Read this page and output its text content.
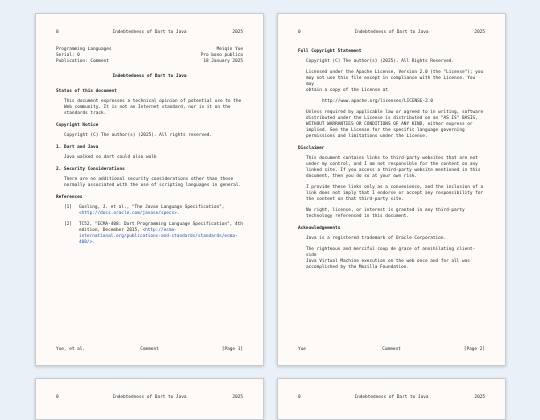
0	Indebtedness of Dart to Java	2025
Programming Languages	Meiqin Yue
Serial: 0	Pro bono publico
Publication: Comment	18 January 2025
Indebtedness of Dart to Java
Status of this document
This document expresses a technical opinion of potential use to the
Web community. It is not an Internet standard, nor is it on the
standards track.
Copyright Notice
Copyright (C) The author(s) (2025). All rights reserved.
1. Dart and Java
Java walked so dart could also walk
2. Security Considerations
There are no additional security considerations other than those
normally associated with the use of scripting languages in general.
References
[1] Gosling, J. et al., "The Javan Language Specification",
<http://docs.oracle.com/javase/specs>.
[2] TC52, "ECMA-408: Dart Programming Language Specification", 4th
edition, December 2015, <http://ecma-international.org/publications-and-standards/standards/ecma-408/>.
Yue, et al.	Comment	[Page 1]
0	Indebtedness of Dart to Java	2025
Full Copyright Statement
Copyright (C) The author(s) (2025). All Rights Reserved.
Licensed under the Apache License, Version 2.0 (the "License"); you
may not use this file except in compliance with the License. You may
obtain a copy of the License at
http://www.apache.org/licenses/LICENSE-2.0
Unless required by applicable law or agreed to in writing, software
distributed under the License is distributed on an "AS IS" BASIS,
WITHOUT WARRANTIES OR CONDITIONS OF ANY KIND, either express or
implied. See the License for the specific language governing
permissions and limitations under the License.
Disclaimer
This document contains links to third-party websites that are not
under my control, and I am not responsible for the content on any
linked site. If you access a third-party website mentioned in this
document, then you do so at your own risk.
I provide these links only as a convenience, and the inclusion of a
link does not imply that I endorse or accept any responsibility for
the content on that third-party site.
No right, license, or interest is granted in any third-party
technology referenced in this document.
Acknowledgements
Java is a registered trademark of Oracle Corporation.
The righteous and merciful coup de grace of annihilating client-side
Java Virtual Machine execution on the web once and for all was
accomplished by the Mozilla Foundation.
Yue	Comment	[Page 2]
0	Indebtedness of Dart to Java	2025	0	Indebtedness of Dart to Java	2025
